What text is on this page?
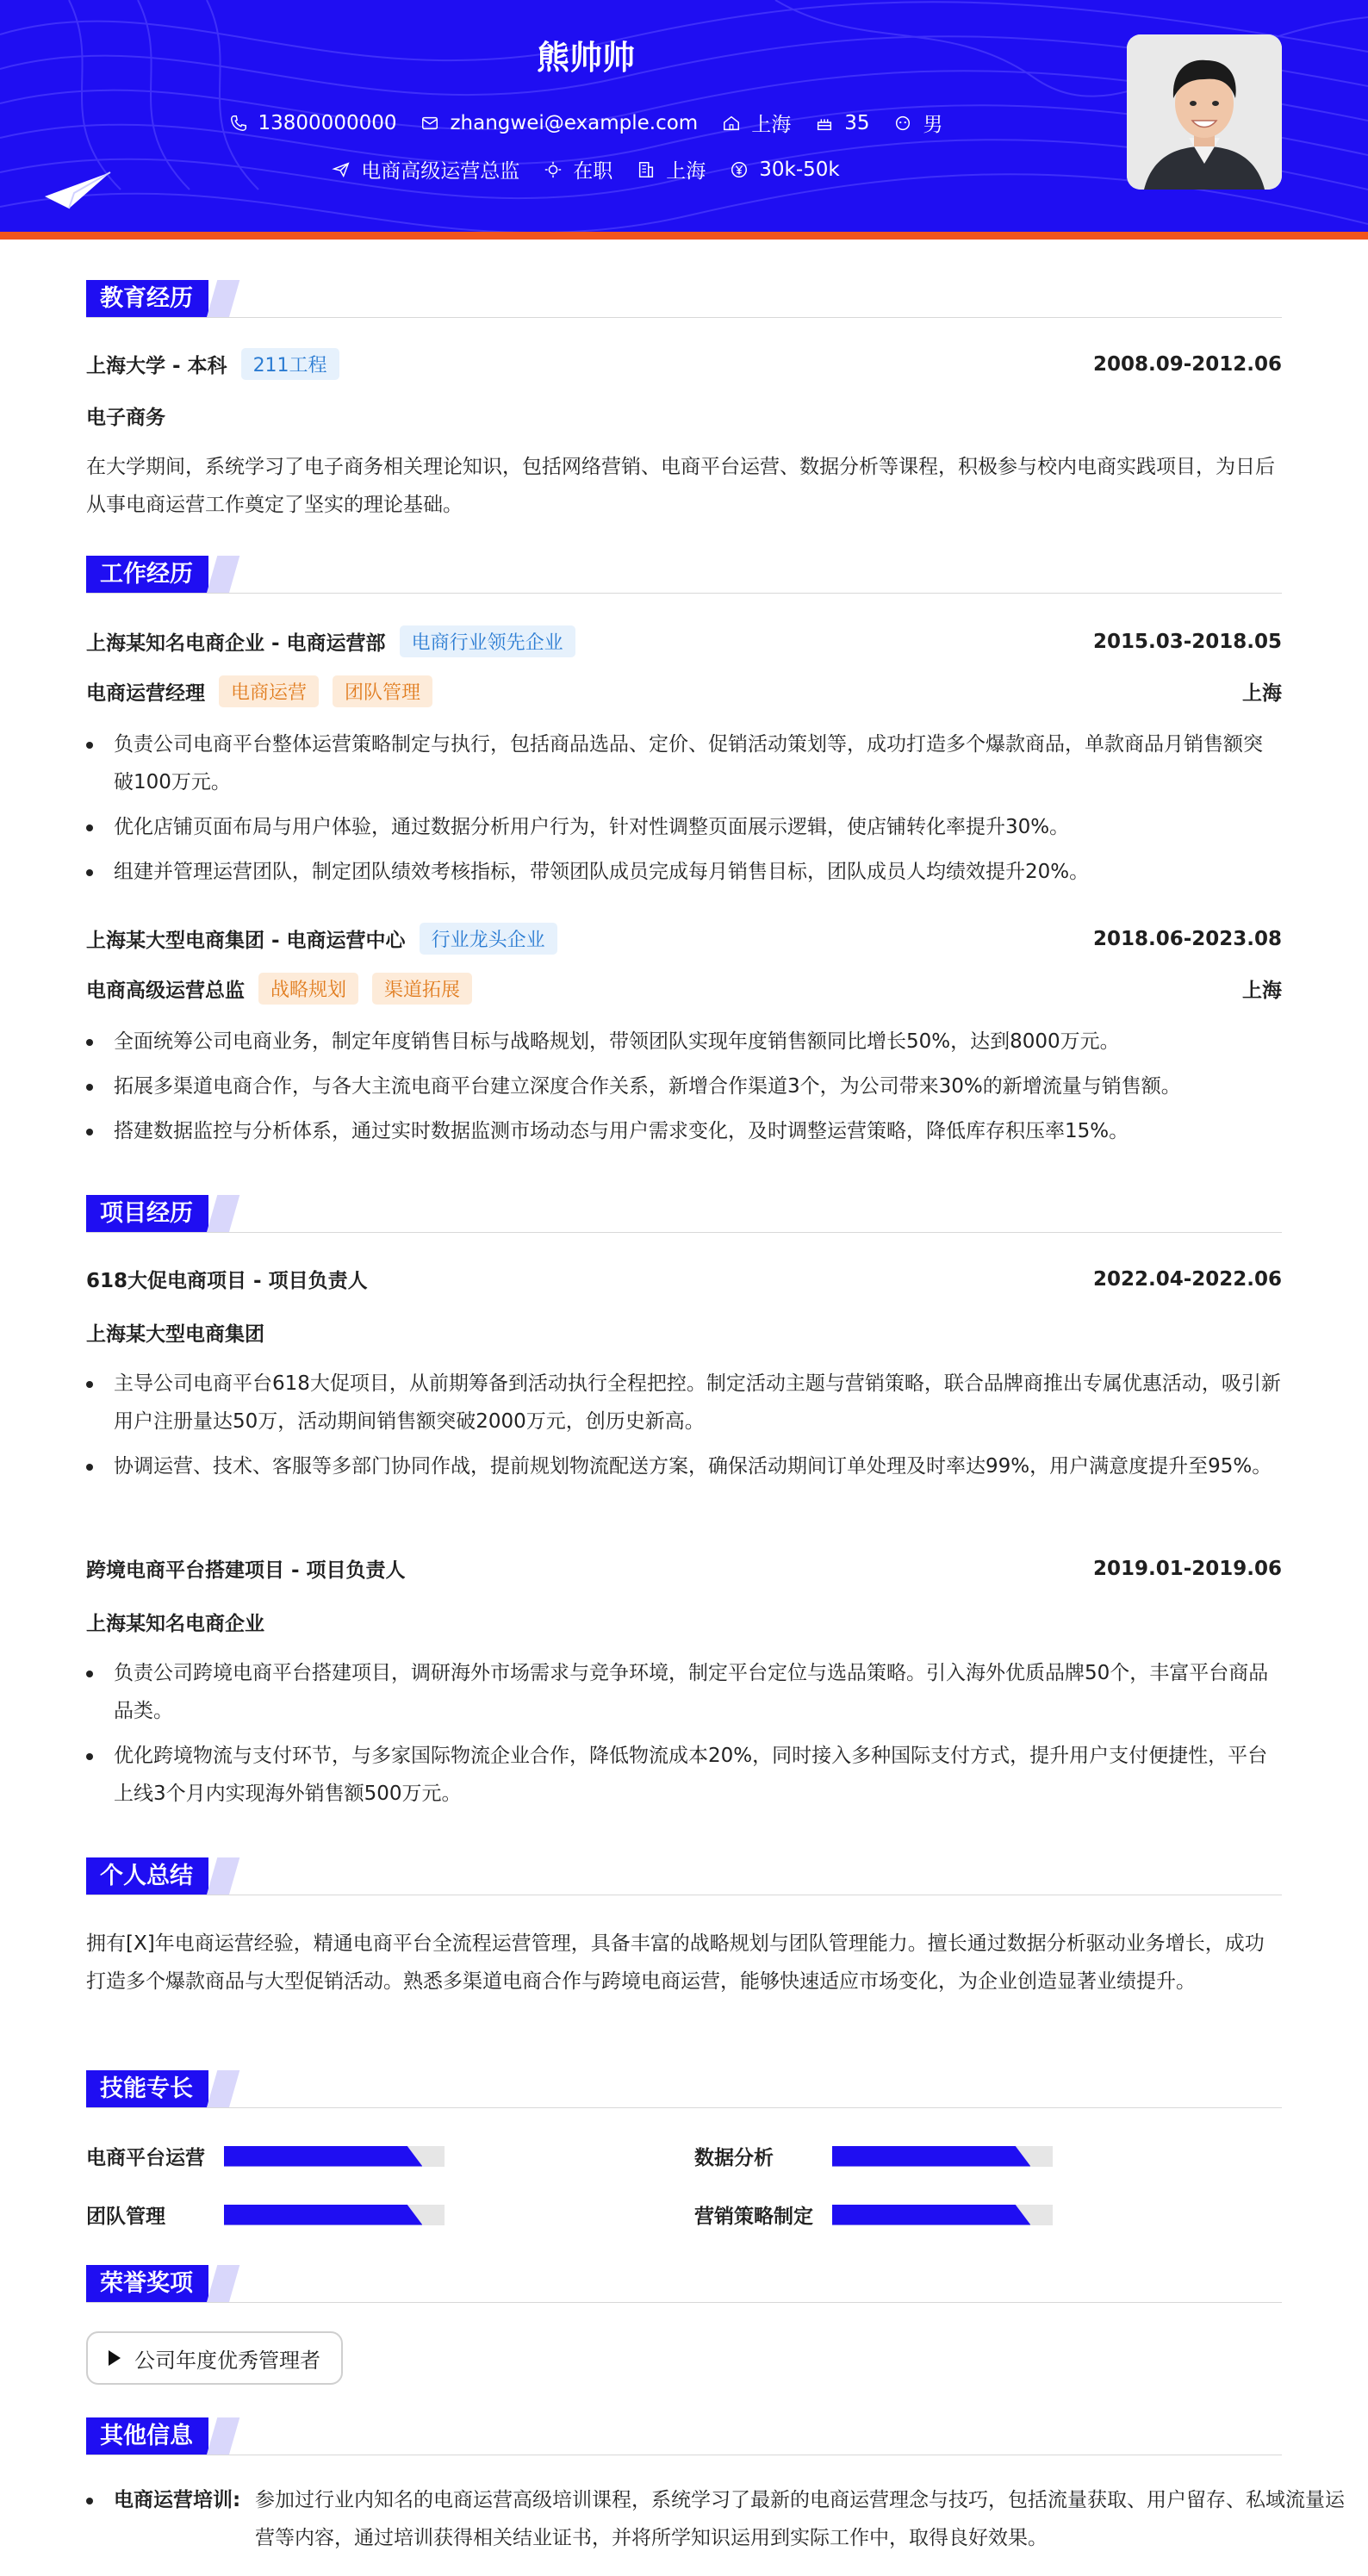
熊帅帅
13800000000	zhangwei@example.com	上海	35	男
电商高级运营总监	在职	上海	30k-50k
教育经历
上海大学 - 本科	211工程	2008.09-2012.06
电子商务
在大学期间，系统学习了电子商务相关理论知识，包括网络营销、电商平台运营、数据分析等课程，积极参与校内电商实践项目，为日后从事电商运营工作奠定了坚实的理论基础。
工作经历
上海某知名电商企业 - 电商运营部	电商行业领先企业	2015.03-2018.05
电商运营经理	电商运营	团队管理	上海
负责公司电商平台整体运营策略制定与执行，包括商品选品、定价、促销活动策划等，成功打造多个爆款商品，单款商品月销售额突破100万元。
优化店铺页面布局与用户体验，通过数据分析用户行为，针对性调整页面展示逻辑，使店铺转化率提升30%。
组建并管理运营团队，制定团队绩效考核指标，带领团队成员完成每月销售目标，团队成员人均绩效提升20%。
上海某大型电商集团 - 电商运营中心	行业龙头企业	2018.06-2023.08
电商高级运营总监	战略规划	渠道拓展	上海
全面统筹公司电商业务，制定年度销售目标与战略规划，带领团队实现年度销售额同比增长50%，达到8000万元。
拓展多渠道电商合作，与各大主流电商平台建立深度合作关系，新增合作渠道3个，为公司带来30%的新增流量与销售额。
搭建数据监控与分析体系，通过实时数据监测市场动态与用户需求变化，及时调整运营策略，降低库存积压率15%。
项目经历
618大促电商项目 - 项目负责人	2022.04-2022.06
上海某大型电商集团
主导公司电商平台618大促项目，从前期筹备到活动执行全程把控。制定活动主题与营销策略，联合品牌商推出专属优惠活动，吸引新用户注册量达50万，活动期间销售额突破2000万元，创历史新高。
协调运营、技术、客服等多部门协同作战，提前规划物流配送方案，确保活动期间订单处理及时率达99%，用户满意度提升至95%。
跨境电商平台搭建项目 - 项目负责人	2019.01-2019.06
上海某知名电商企业
负责公司跨境电商平台搭建项目，调研海外市场需求与竞争环境，制定平台定位与选品策略。引入海外优质品牌50个，丰富平台商品品类。
优化跨境物流与支付环节，与多家国际物流企业合作，降低物流成本20%，同时接入多种国际支付方式，提升用户支付便捷性，平台上线3个月内实现海外销售额500万元。
个人总结
拥有[X]年电商运营经验，精通电商平台全流程运营管理，具备丰富的战略规划与团队管理能力。擅长通过数据分析驱动业务增长，成功打造多个爆款商品与大型促销活动。熟悉多渠道电商合作与跨境电商运营，能够快速适应市场变化，为企业创造显著业绩提升。
技能专长
电商平台运营	数据分析
团队管理	营销策略制定
荣誉奖项
公司年度优秀管理者
其他信息
电商运营培训: 参加过行业内知名的电商运营高级培训课程，系统学习了最新的电商运营理念与技巧，包括流量获取、用户留存、私域流量运营等内容，通过培训获得相关结业证书，并将所学知识运用到实际工作中，取得良好效果。
